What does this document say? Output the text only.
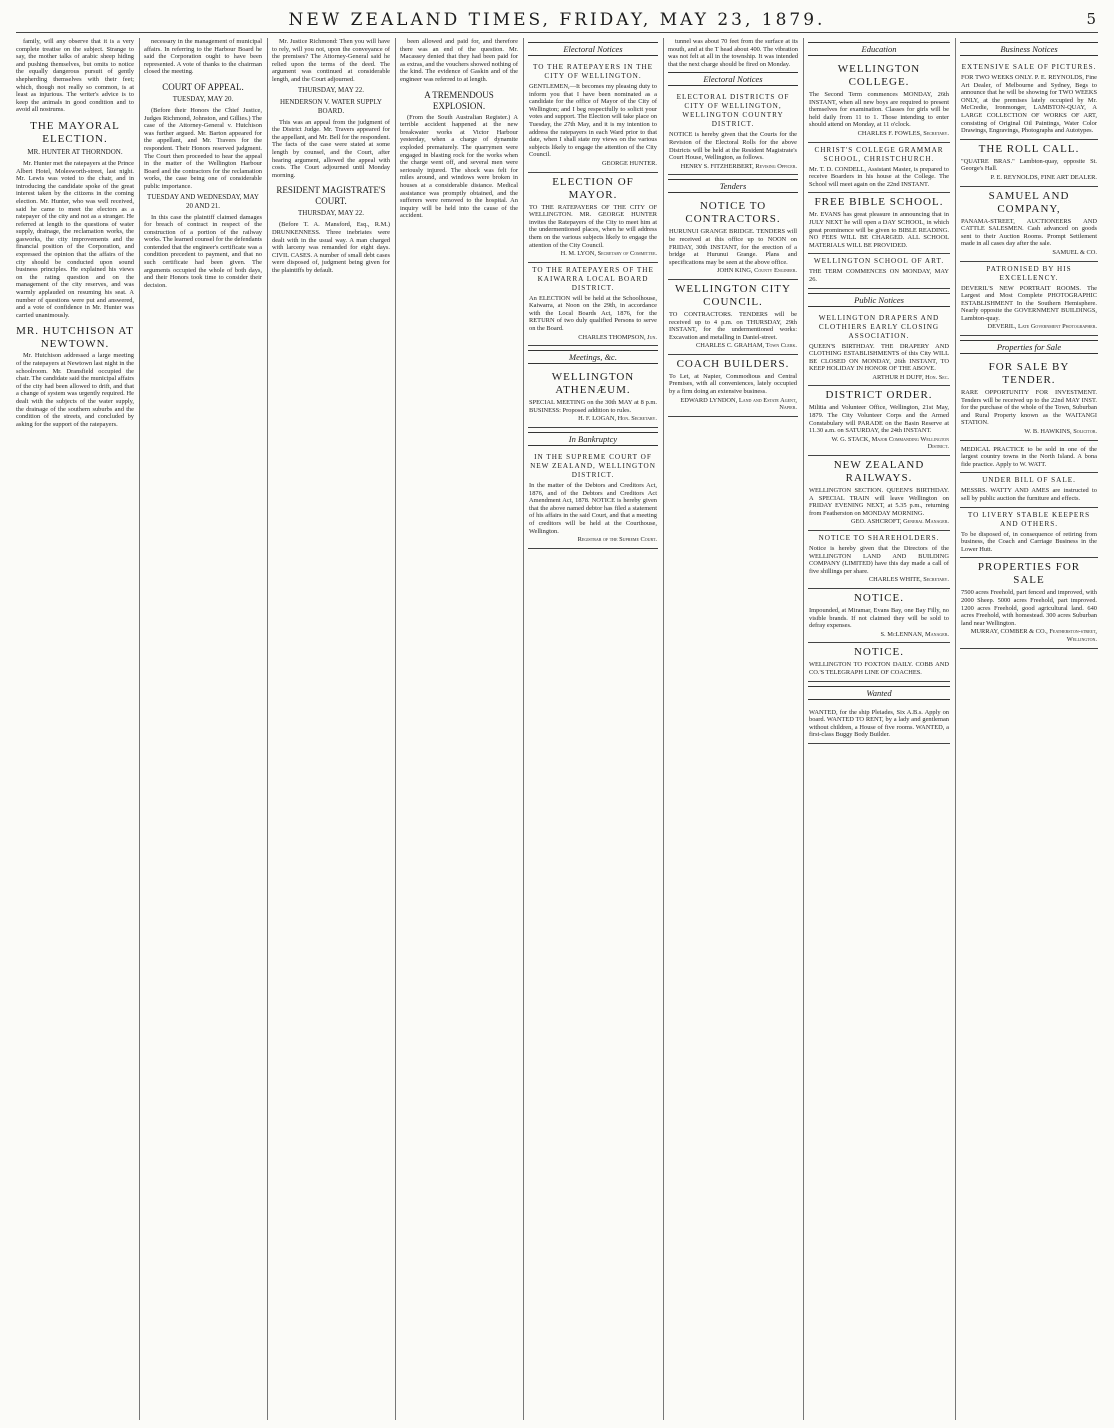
NEW ZEALAND TIMES, FRIDAY, MAY 23, 1879.	5

family, will any observe that it is a very complete treatise on the subject. Strange to say, the mother talks of arabic sheep hiding and pushing themselves, but omits to notice the equally dangerous pursuit of gently shepherding themselves with their feet; which, though not really so common, is at least as injurious. The writer's advice is to keep the animals in good condition and to avoid all nostrums.

THE MAYORAL ELECTION.
MR. HUNTER AT THORNDON.

Mr. Hunter met the ratepayers at the Prince Albert Hotel, Molesworth-street, last night. Mr. Lewis was voted to the chair, and in introducing the candidate spoke of the great interest taken by the citizens in the coming election. Mr. Hunter, who was well received, said he came to meet the electors as a ratepayer of the city and not as a stranger. He referred at length to the questions of water supply, drainage, the reclamation works, the gasworks, the city improvements and the financial position of the Corporation, and expressed the opinion that the affairs of the city should be conducted upon sound business principles. He explained his views on the rating question and on the management of the city reserves, and was warmly applauded on resuming his seat. A number of questions were put and answered, and a vote of confidence in Mr. Hunter was carried unanimously.

MR. HUTCHISON AT NEWTOWN.

Mr. Hutchison addressed a large meeting of the ratepayers at Newtown last night in the schoolroom. Mr. Dransfield occupied the chair. The candidate said the municipal affairs of the city had been allowed to drift, and that a change of system was urgently required. He dealt with the subjects of the water supply, the drainage of the southern suburbs and the condition of the streets, and concluded by asking for the support of the ratepayers.

necessary in the management of municipal affairs. In referring to the Harbour Board he said the Corporation ought to have been represented. A vote of thanks to the chairman closed the meeting.

COURT OF APPEAL.
TUESDAY, MAY 20.

(Before their Honors the Chief Justice, Judges Richmond, Johnston, and Gillies.) The case of the Attorney-General v. Hutchison was further argued. Mr. Barton appeared for the appellant, and Mr. Travers for the respondent. Their Honors reserved judgment. The Court then proceeded to hear the appeal in the matter of the Wellington Harbour Board and the contractors for the reclamation works, the case being one of considerable public importance.

TUESDAY AND WEDNESDAY, MAY 20 AND 21.

In this case the plaintiff claimed damages for breach of contract in respect of the construction of a portion of the railway works. The learned counsel for the defendants contended that the engineer's certificate was a condition precedent to payment, and that no such certificate had been given. The arguments occupied the whole of both days, and their Honors took time to consider their decision.

Mr. Justice Richmond: Then you will have to rely, will you not, upon the conveyance of the premises? The Attorney-General said he relied upon the terms of the deed. The argument was continued at considerable length, and the Court adjourned.

THURSDAY, MAY 22.
HENDERSON V. WATER SUPPLY BOARD.

This was an appeal from the judgment of the District Judge. Mr. Travers appeared for the appellant, and Mr. Bell for the respondent. The facts of the case were stated at some length by counsel, and the Court, after hearing argument, allowed the appeal with costs. The Court adjourned until Monday morning.

RESIDENT MAGISTRATE'S COURT.
THURSDAY, MAY 22.

(Before T. A. Mansford, Esq., R.M.) DRUNKENNESS. Three inebriates were dealt with in the usual way. A man charged with larceny was remanded for eight days. CIVIL CASES. A number of small debt cases were disposed of, judgment being given for the plaintiffs by default.

been allowed and paid for, and therefore there was an end of the question. Mr. Macassey denied that they had been paid for as extras, and the vouchers showed nothing of the kind. The evidence of Gaskin and of the engineer was referred to at length.

A TREMENDOUS EXPLOSION.

(From the South Australian Register.) A terrible accident happened at the new breakwater works at Victor Harbour yesterday, when a charge of dynamite exploded prematurely. The quarrymen were engaged in blasting rock for the works when the charge went off, and several men were seriously injured. The shock was felt for miles around, and windows were broken in houses at a considerable distance. Medical assistance was promptly obtained, and the sufferers were removed to the hospital. An inquiry will be held into the cause of the accident.

Electoral Notices
TO THE RATEPAYERS IN THE CITY OF WELLINGTON.
GENTLEMEN,—It becomes my pleasing duty to inform you that I have been nominated as a candidate for the office of Mayor of the City of Wellington; and I beg respectfully to solicit your votes and support. The Election will take place on Tuesday, the 27th May, and it is my intention to address the ratepayers in each Ward prior to that date, when I shall state my views on the various subjects likely to engage the attention of the City Council.
GEORGE HUNTER.
ELECTION OF MAYOR.
TO THE RATEPAYERS OF THE CITY OF WELLINGTON. MR. GEORGE HUNTER invites the Ratepayers of the City to meet him at the undermentioned places, when he will address them on the various subjects likely to engage the attention of the City Council.
H. M. LYON, Secretary of Committee.
TO THE RATEPAYERS OF THE KAIWARRA LOCAL BOARD DISTRICT.
An ELECTION will be held at the Schoolhouse, Kaiwarra, at Noon on the 29th, in accordance with the Local Boards Act, 1876, for the RETURN of two duly qualified Persons to serve on the Board.
CHARLES THOMPSON, Jun.
Meetings, &c.
WELLINGTON ATHENÆUM.
SPECIAL MEETING on the 30th MAY at 8 p.m. BUSINESS: Proposed addition to rules.
H. F. LOGAN, Hon. Secretary.
In Bankruptcy
IN THE SUPREME COURT OF NEW ZEALAND, WELLINGTON DISTRICT.
In the matter of the Debtors and Creditors Act, 1876, and of the Debtors and Creditors Act Amendment Act, 1878. NOTICE is hereby given that the above named debtor has filed a statement of his affairs in the said Court, and that a meeting of creditors will be held at the Courthouse, Wellington.
Registrar of the Supreme Court.

tunnel was about 70 feet from the surface at its mouth, and at the T head about 400. The vibration was not felt at all in the township. It was intended that the next charge should be fired on Monday.

Electoral Notices
ELECTORAL DISTRICTS OF CITY OF WELLINGTON, WELLINGTON COUNTRY DISTRICT.
NOTICE is hereby given that the Courts for the Revision of the Electoral Rolls for the above Districts will be held at the Resident Magistrate's Court House, Wellington, as follows.
HENRY S. FITZHERBERT, Revising Officer.
Tenders
NOTICE TO CONTRACTORS.
HURUNUI GRANGE BRIDGE. TENDERS will be received at this office up to NOON on FRIDAY, 30th INSTANT, for the erection of a bridge at Hurunui Grange. Plans and specifications may be seen at the above office.
JOHN KING, County Engineer.
WELLINGTON CITY COUNCIL.
TO CONTRACTORS. TENDERS will be received up to 4 p.m. on THURSDAY, 29th INSTANT, for the undermentioned works: Excavation and metalling in Daniel-street.
CHARLES C. GRAHAM, Town Clerk.
COACH BUILDERS.
To Let, at Napier, Commodious and Central Premises, with all conveniences, lately occupied by a firm doing an extensive business.
EDWARD LYNDON, Land and Estate Agent, Napier.
Education
WELLINGTON COLLEGE.
The Second Term commences MONDAY, 26th INSTANT, when all new boys are required to present themselves for examination. Classes for girls will be held daily from 11 to 1. Those intending to enter should attend on Monday, at 11 o'clock.
CHARLES F. FOWLES, Secretary.
CHRIST'S COLLEGE GRAMMAR SCHOOL, CHRISTCHURCH.
Mr. T. D. CONDELL, Assistant Master, is prepared to receive Boarders in his house at the College. The School will meet again on the 22nd INSTANT.
FREE BIBLE SCHOOL.
Mr. EVANS has great pleasure in announcing that in JULY NEXT he will open a DAY SCHOOL, in which great prominence will be given to BIBLE READING. NO FEES WILL BE CHARGED. ALL SCHOOL MATERIALS WILL BE PROVIDED.
WELLINGTON SCHOOL OF ART.
THE TERM COMMENCES ON MONDAY, MAY 26.
Public Notices
WELLINGTON DRAPERS AND CLOTHIERS EARLY CLOSING ASSOCIATION.
QUEEN'S BIRTHDAY. THE DRAPERY AND CLOTHING ESTABLISHMENTS of this City WILL BE CLOSED ON MONDAY, 26th INSTANT, TO KEEP HOLIDAY IN HONOR OF THE ABOVE.
ARTHUR H DUFF, Hon. Sec.
DISTRICT ORDER.
Militia and Volunteer Office, Wellington, 21st May, 1879. The City Volunteer Corps and the Armed Constabulary will PARADE on the Basin Reserve at 11.30 a.m. on SATURDAY, the 24th INSTANT.
W. G. STACK, Major Commanding Wellington District.
NEW ZEALAND RAILWAYS.
WELLINGTON SECTION. QUEEN'S BIRTHDAY. A SPECIAL TRAIN will leave Wellington on FRIDAY EVENING NEXT, at 5.35 p.m., returning from Featherston on MONDAY MORNING.
GEO. ASHCROFT, General Manager.
NOTICE TO SHAREHOLDERS.
Notice is hereby given that the Directors of the WELLINGTON LAND AND BUILDING COMPANY (LIMITED) have this day made a call of five shillings per share.
CHARLES WHITE, Secretary.
NOTICE.
Impounded, at Miramar, Evans Bay, one Bay Filly, no visible brands. If not claimed they will be sold to defray expenses.
S. McLENNAN, Manager.
NOTICE.
WELLINGTON TO FOXTON DAILY. COBB AND CO.'S TELEGRAPH LINE OF COACHES.
Wanted
WANTED, for the ship Pleiades, Six A.B.s. Apply on board. WANTED TO RENT, by a lady and gentleman without children, a House of five rooms. WANTED, a first-class Buggy Body Builder.
Business Notices
EXTENSIVE SALE OF PICTURES.
FOR TWO WEEKS ONLY. P. E. REYNOLDS, Fine Art Dealer, of Melbourne and Sydney, Begs to announce that he will be showing for TWO WEEKS ONLY, at the premises lately occupied by Mr. McCredie, Ironmonger, LAMBTON-QUAY, A LARGE COLLECTION OF WORKS OF ART, consisting of Original Oil Paintings, Water Color Drawings, Engravings, Photographs and Autotypes.
THE ROLL CALL.
"QUATRE BRAS." Lambton-quay, opposite St. George's Hall.
P. E. REYNOLDS, FINE ART DEALER.
SAMUEL AND COMPANY,
PANAMA-STREET, AUCTIONEERS AND CATTLE SALESMEN. Cash advanced on goods sent to their Auction Rooms. Prompt Settlement made in all cases day after the sale.
SAMUEL & CO.
PATRONISED BY HIS EXCELLENCY.
DEVERIL'S NEW PORTRAIT ROOMS. The Largest and Most Complete PHOTOGRAPHIC ESTABLISHMENT In the Southern Hemisphere. Nearly opposite the GOVERNMENT BUILDINGS, Lambton-quay.
DEVERIL, Late Government Photographer.
Properties for Sale
FOR SALE BY TENDER.
RARE OPPORTUNITY FOR INVESTMENT. Tenders will be received up to the 22nd MAY INST. for the purchase of the whole of the Town, Suburban and Rural Property known as the WAITANGI STATION.
W. B. HAWKINS, Solicitor.
MEDICAL PRACTICE to be sold in one of the largest country towns in the North Island. A bona fide practice. Apply to W. WATT.
UNDER BILL OF SALE.
MESSRS. WATTY AND AMES are instructed to sell by public auction the furniture and effects.
TO LIVERY STABLE KEEPERS AND OTHERS.
To be disposed of, in consequence of retiring from business, the Coach and Carriage Business in the Lower Hutt.
PROPERTIES FOR SALE
7500 acres Freehold, part fenced and improved, with 2000 Sheep. 5000 acres Freehold, part improved. 1200 acres Freehold, good agricultural land. 640 acres Freehold, with homestead. 300 acres Suburban land near Wellington.
MURRAY, COMBER & CO., Featherston-street, Wellington.
